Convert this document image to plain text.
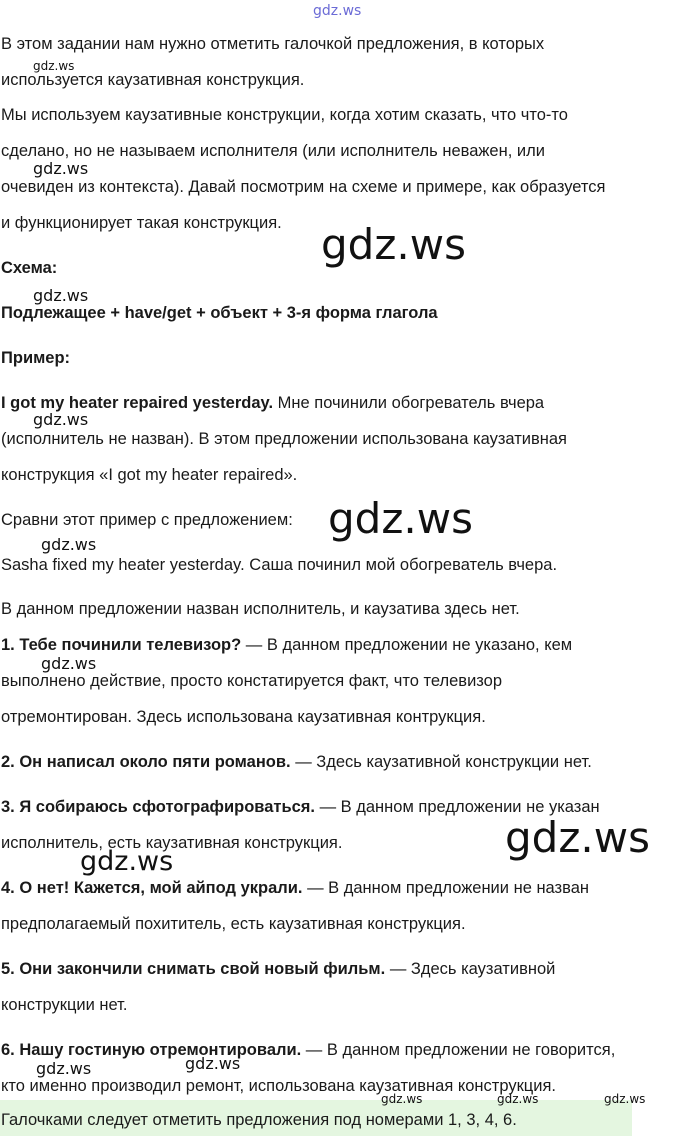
gdz.ws
В этом задании нам нужно отметить галочкой предложения, в которых
gdz.ws
используется каузативная конструкция.
Мы используем каузативные конструкции, когда хотим сказать, что что-то
сделано, но не называем исполнителя (или исполнитель неважен, или
gdz.ws
очевиден из контекста). Давай посмотрим на схеме и примере, как образуется
и функционирует такая конструкция. gdz.ws
Схема:
gdz.ws
Подлежащее + have/get + объект + 3-я форма глагола
Пример:
I got my heater repaired yesterday. Мне починили обогреватель вчера
gdz.ws
(исполнитель не назван). В этом предложении использована каузативная
конструкция «I got my heater repaired».
Сравни этот пример с предложением: gdz.ws
gdz.ws
Sasha fixed my heater yesterday. Саша починил мой обогреватель вчера.
В данном предложении назван исполнитель, и каузатива здесь нет.
1. Тебе починили телевизор? — В данном предложении не указано, кем
gdz.ws
выполнено действие, просто констатируется факт, что телевизор
отремонтирован. Здесь использована каузативная контрукция.
2. Он написал около пяти романов. — Здесь каузативной конструкции нет.
3. Я собираюсь сфотографироваться. — В данном предложении не указан
исполнитель, есть каузативная конструкция.	gdz.ws
gdz.ws
4. О нет! Кажется, мой айпод украли. — В данном предложении не назван
предполагаемый похититель, есть каузативная конструкция.
5. Они закончили снимать свой новый фильм. — Здесь каузативной
конструкции нет.
6. Нашу гостиную отремонтировали. — В данном предложении не говорится,
gdz.ws	gdz.ws
кто именно производил ремонт, использована каузативная конструкция.
Галочками следует отметить предложения под номерами 1, 3, 4, 6.
gdz.ws	gdz.ws	gdz.ws
